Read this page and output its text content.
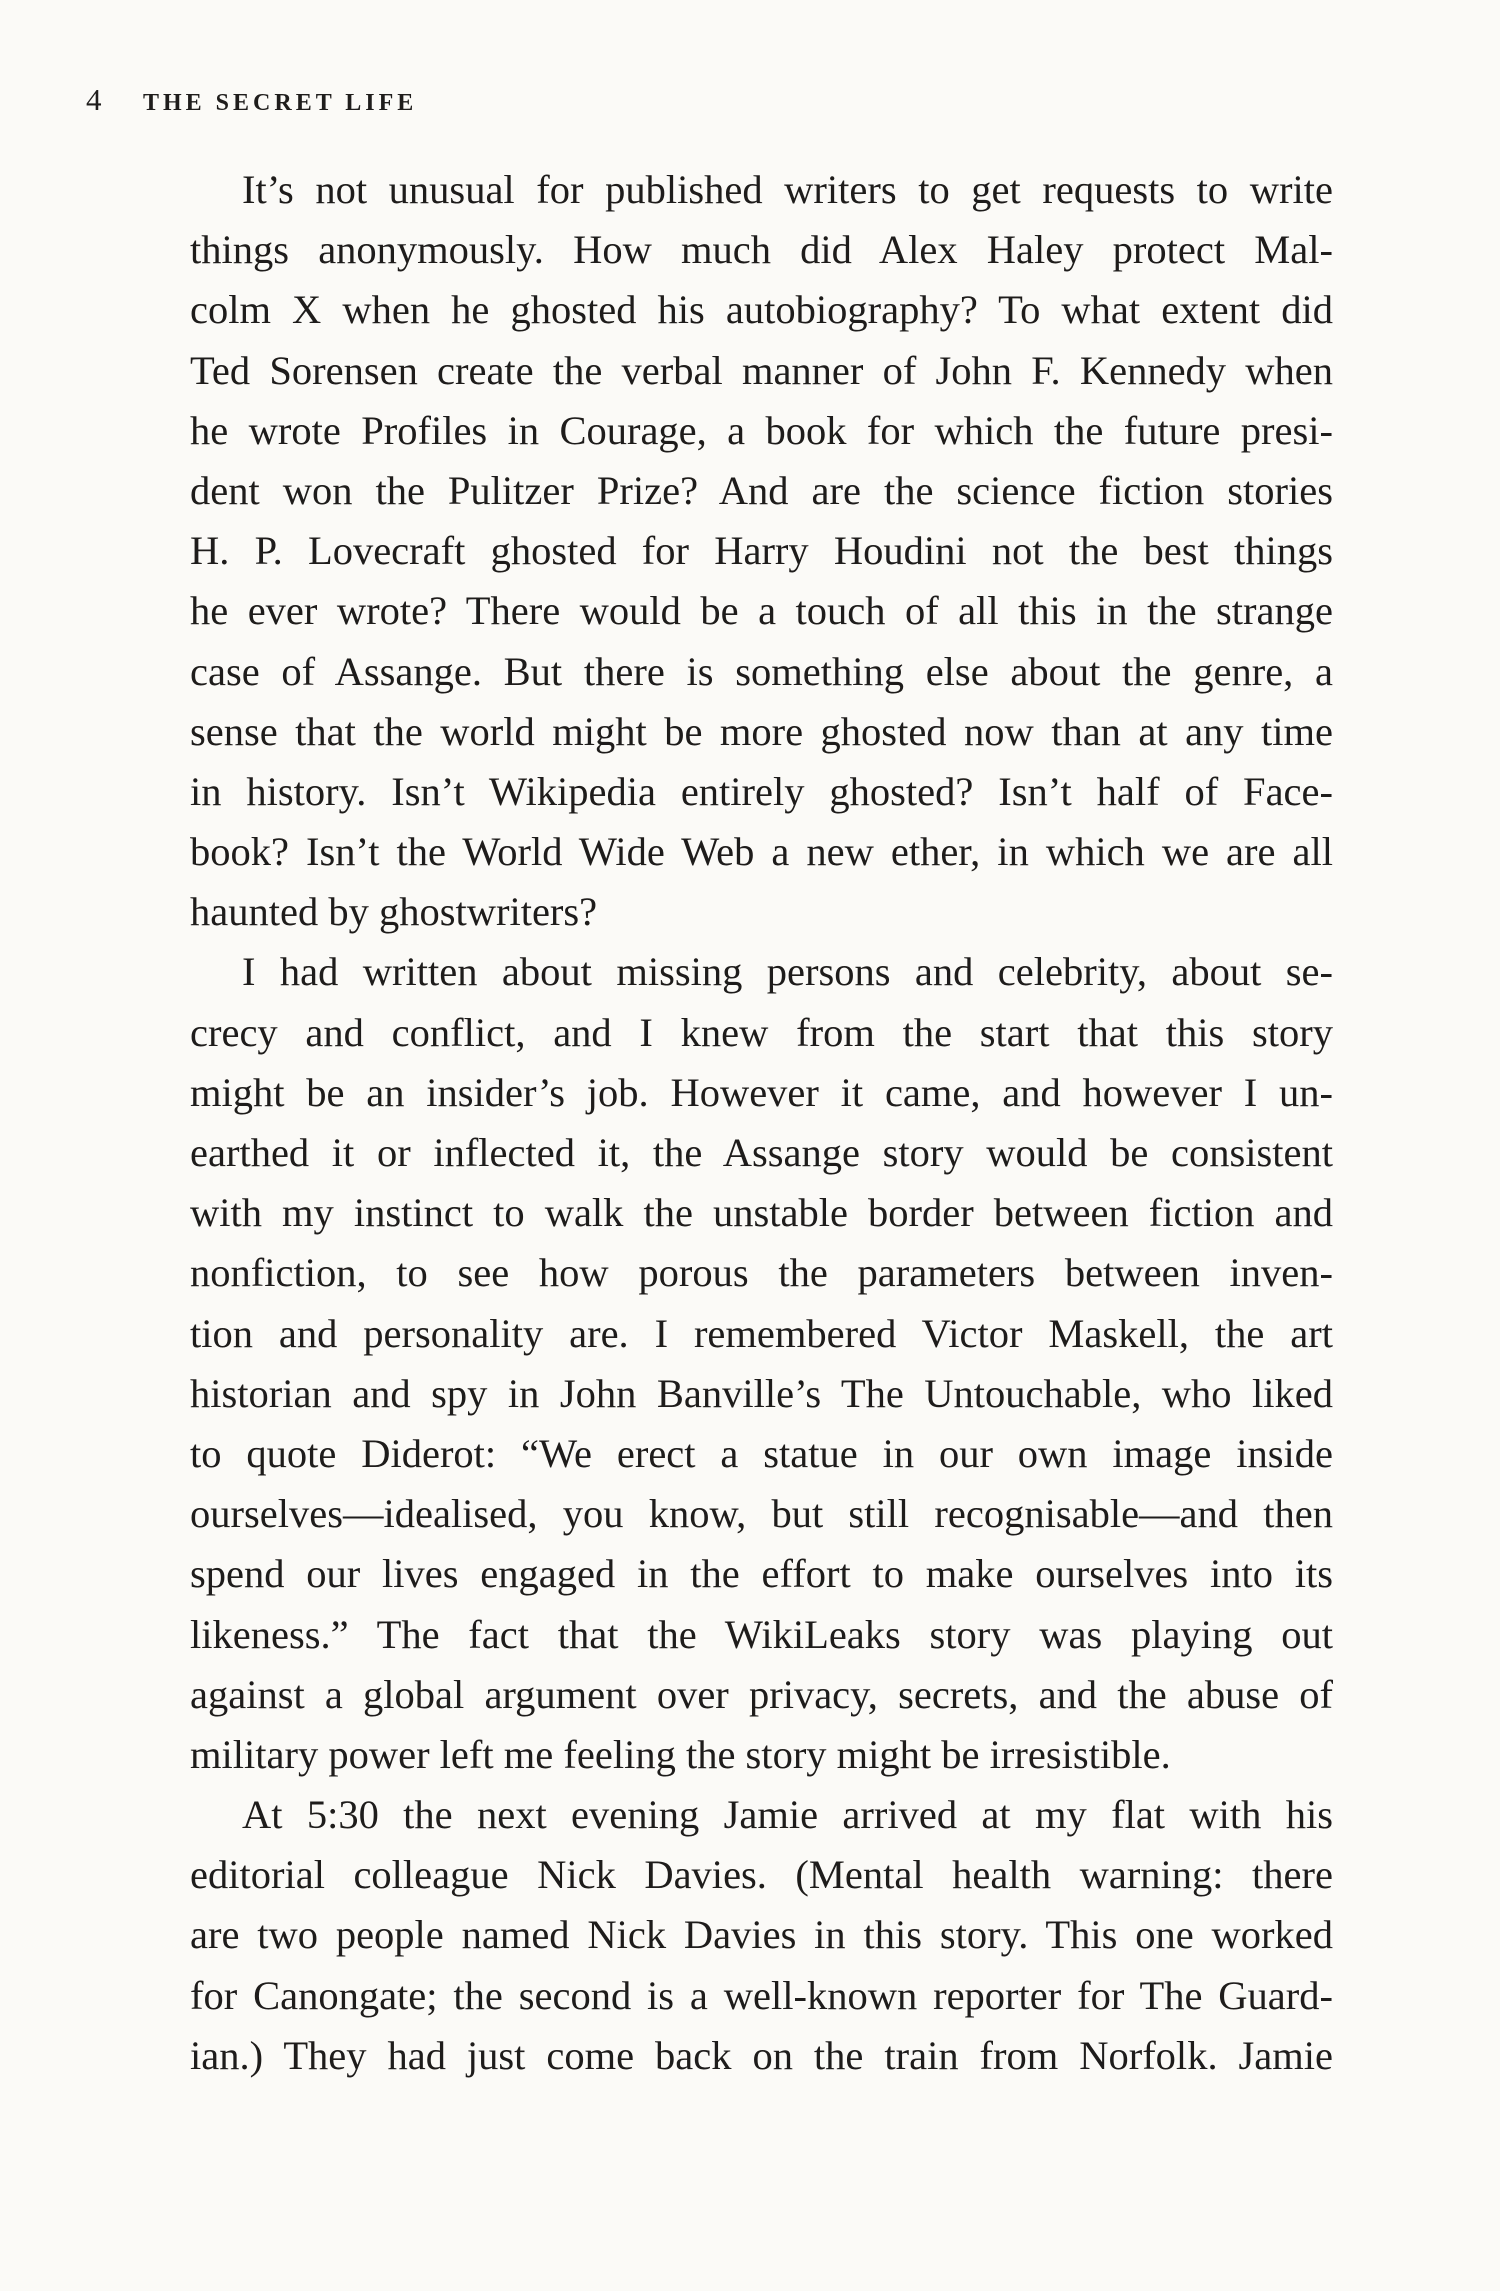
4 THE SECRET LIFE
It’s not unusual for published writers to get requests to write
things anonymously. How much did Alex Haley protect Mal-
colm X when he ghosted his autobiography? To what extent did
Ted Sorensen create the verbal manner of John F. Kennedy when
he wrote Profiles in Courage, a book for which the future presi-
dent won the Pulitzer Prize? And are the science fiction stories
H. P. Lovecraft ghosted for Harry Houdini not the best things
he ever wrote? There would be a touch of all this in the strange
case of Assange. But there is something else about the genre, a
sense that the world might be more ghosted now than at any time
in history. Isn’t Wikipedia entirely ghosted? Isn’t half of Face-
book? Isn’t the World Wide Web a new ether, in which we are all
haunted by ghostwriters?
I had written about missing persons and celebrity, about se-
crecy and conflict, and I knew from the start that this story
might be an insider’s job. However it came, and however I un-
earthed it or inflected it, the Assange story would be consistent
with my instinct to walk the unstable border between fiction and
nonfiction, to see how porous the parameters between inven-
tion and personality are. I remembered Victor Maskell, the art
historian and spy in John Banville’s The Untouchable, who liked
to quote Diderot: “We erect a statue in our own image inside
ourselves—idealised, you know, but still recognisable—and then
spend our lives engaged in the effort to make ourselves into its
likeness.” The fact that the WikiLeaks story was playing out
against a global argument over privacy, secrets, and the abuse of
military power left me feeling the story might be irresistible.
At 5:30 the next evening Jamie arrived at my flat with his
editorial colleague Nick Davies. (Mental health warning: there
are two people named Nick Davies in this story. This one worked
for Canongate; the second is a well-known reporter for The Guard-
ian.) They had just come back on the train from Norfolk. Jamie
